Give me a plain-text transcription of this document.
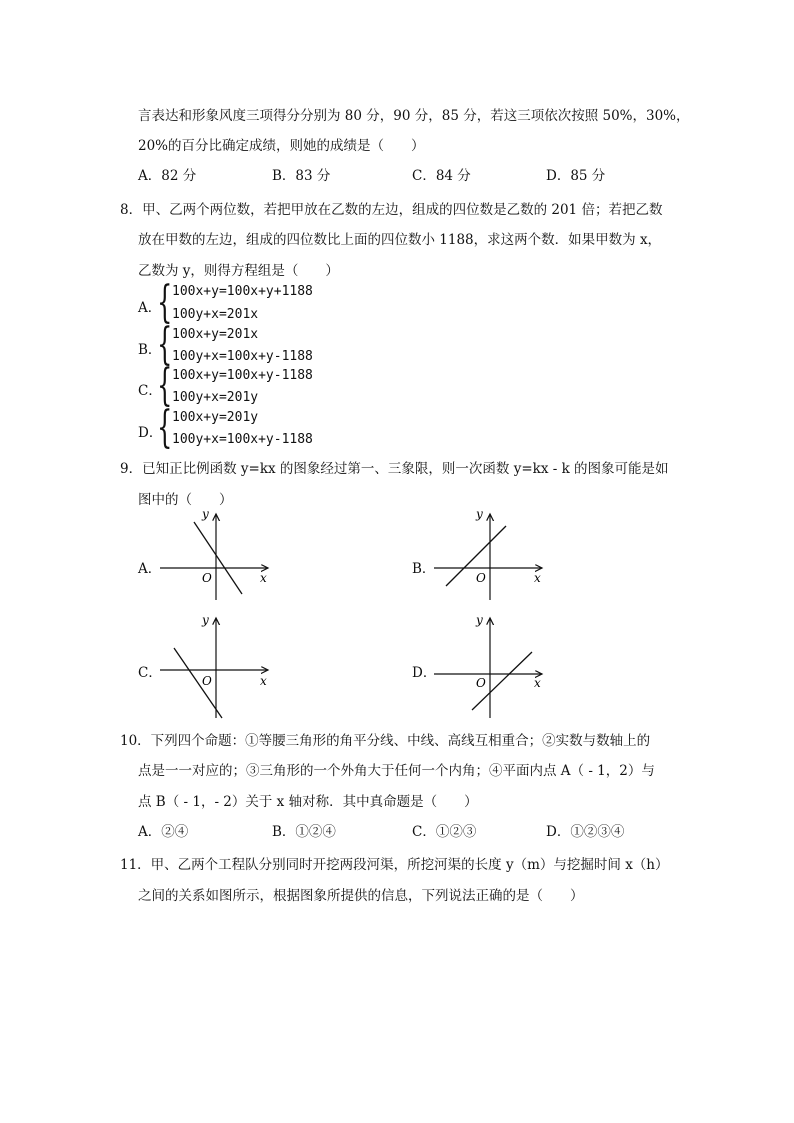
言表达和形象风度三项得分分别为 80 分，90 分，85 分，若这三项依次按照 50%，30%，
20%的百分比确定成绩，则她的成绩是（　　）
A．82 分	B．83 分	C．84 分	D．85 分
8．甲、乙两个两位数，若把甲放在乙数的左边，组成的四位数是乙数的 201 倍；若把乙数
放在甲数的左边，组成的四位数比上面的四位数小 1188，求这两个数．如果甲数为 x，
乙数为 y，则得方程组是（　　）
A．
{ 100x+y=100x+y+1188
100y+x=201x
B．
{ 100x+y=201x
100y+x=100x+y-1188
C．
{ 100x+y=100x+y-1188
100y+x=201y
D．
{ 100x+y=201y
100y+x=100x+y-1188
9．已知正比例函数 y=kx 的图象经过第一、三象限，则一次函数 y=kx - k 的图象可能是如
图中的（　　）
A．
y
x
O
B．
y
x
O
C．
y
x
O	D．
y
x
O
10．下列四个命题：①等腰三角形的角平分线、中线、高线互相重合；②实数与数轴上的
点是一一对应的；③三角形的一个外角大于任何一个内角；④平面内点 A（ - 1，2）与
点 B（ - 1，- 2）关于 x 轴对称．其中真命题是（　　）
A．②④	B．①②④	C．①②③	D．①②③④
11．甲、乙两个工程队分别同时开挖两段河渠，所挖河渠的长度 y（m）与挖掘时间 x（h）
之间的关系如图所示，根据图象所提供的信息，下列说法正确的是（　　）
